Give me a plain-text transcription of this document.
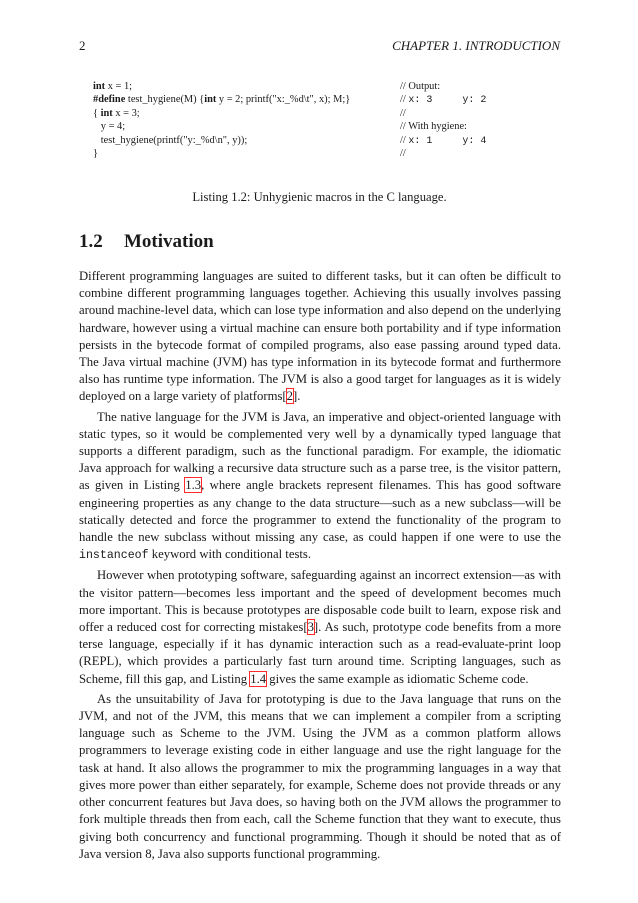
2	CHAPTER 1. INTRODUCTION

int x = 1;

	// Output:

#define test_hygiene(M) {int y = 2; printf("x:_%d\t", x); M;}

	// x: 3     y: 2

{ int x = 3;

	//

y = 4;

	// With hygiene:

test_hygiene(printf("y:_%d\n", y));

	// x: 1     y: 4

}

	//

Listing 1.2: Unhygienic macros in the C language.
1.2 Motivation

Different programming languages are suited to different tasks, but it can often be difficult to combine different programming languages together. Achieving this usually involves passing around machine-level data, which can lose type information and also depend on the underlying hardware, however using a virtual machine can ensure both portability and if type information persists in the bytecode format of compiled programs, also ease passing around typed data. The Java virtual machine (JVM) has type information in its bytecode format and furthermore also has runtime type information. The JVM is also a good target for languages as it is widely deployed on a large variety of platforms[2].

The native language for the JVM is Java, an imperative and object-oriented language with static types, so it would be complemented very well by a dynamically typed language that supports a different paradigm, such as the functional paradigm. For example, the idiomatic Java approach for walking a recursive data structure such as a parse tree, is the visitor pattern, as given in Listing 1.3, where angle brackets represent filenames. This has good software engineering properties as any change to the data structure—such as a new subclass—will be statically detected and force the programmer to extend the functionality of the program to handle the new subclass without missing any case, as could happen if one were to use the instanceof keyword with conditional tests.

However when prototyping software, safeguarding against an incorrect extension—as with the visitor pattern—becomes less important and the speed of development becomes much more important. This is because prototypes are disposable code built to learn, expose risk and offer a reduced cost for correcting mistakes[3]. As such, prototype code benefits from a more terse language, especially if it has dynamic interaction such as a read-evaluate-print loop (REPL), which provides a particularly fast turn around time. Scripting languages, such as Scheme, fill this gap, and Listing 1.4 gives the same example as idiomatic Scheme code.

As the unsuitability of Java for prototyping is due to the Java language that runs on the JVM, and not of the JVM, this means that we can implement a compiler from a scripting language such as Scheme to the JVM. Using the JVM as a common platform allows programmers to leverage existing code in either language and use the right language for the task at hand. It also allows the programmer to mix the programming languages in a way that gives more power than either separately, for example, Scheme does not provide threads or any other concurrent features but Java does, so having both on the JVM allows the programmer to fork multiple threads then from each, call the Scheme function that they want to execute, thus giving both concurrency and functional programming. Though it should be noted that as of Java version 8, Java also supports functional programming.
